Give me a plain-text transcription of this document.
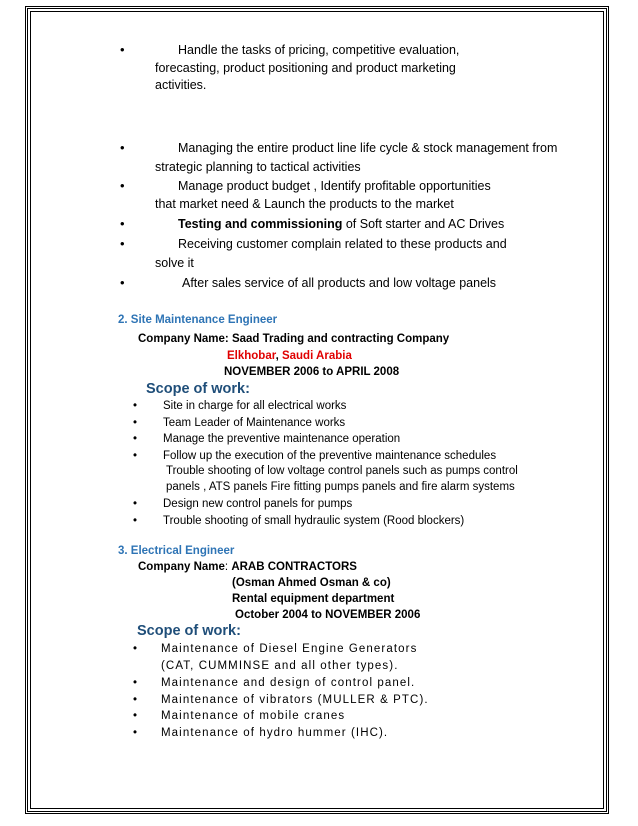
•	Handle the tasks of pricing, competitive evaluation,
forecasting, product positioning and product marketing
activities.
•	Managing the entire product line life cycle & stock management from
strategic planning to tactical activities
•	Manage product budget , Identify profitable opportunities
that market need & Launch the products to the market
•	Testing and commissioning of Soft starter and AC Drives
•	Receiving customer complain related to these products and
solve it
•	After sales service of all products and low voltage panels
2. Site Maintenance Engineer
Company Name: Saad Trading and contracting Company
Elkhobar, Saudi Arabia
NOVEMBER 2006 to APRIL 2008
Scope of work:
• Site in charge for all electrical works
• Team Leader of Maintenance works
• Manage the preventive maintenance operation
• Follow up the execution of the preventive maintenance schedules
Trouble shooting of low voltage control panels such as pumps control
panels , ATS panels Fire fitting pumps panels and fire alarm systems
• Design new control panels for pumps
• Trouble shooting of small hydraulic system (Rood blockers)
3. Electrical Engineer
Company Name: ARAB CONTRACTORS
(Osman Ahmed Osman & co)
Rental equipment department
October 2004 to NOVEMBER 2006
Scope of work:
• Maintenance of Diesel Engine Generators
(CAT, CUMMINSE and all other types).
• Maintenance and design of control panel.
• Maintenance of vibrators (MULLER & PTC).
• Maintenance of mobile cranes
• Maintenance of hydro hummer (IHC).
